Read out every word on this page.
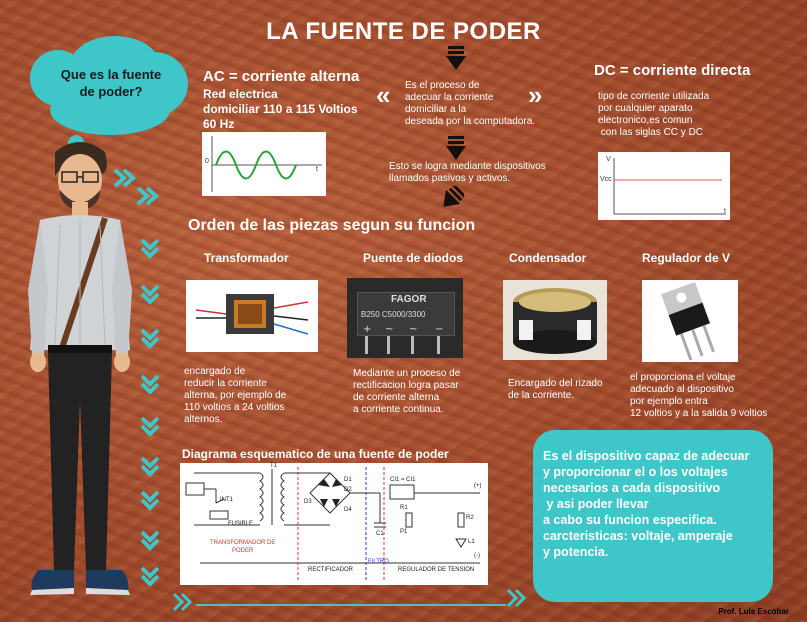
LA FUENTE DE PODER
Que es la fuente
de poder?
AC = corriente alterna
Red electrica
domiciliar 110 a 115 Voltios
60 Hz
0
t
«	»
Es el proceso de
adecuar la corriente
domiciliar a la
deseada por la computadora.
Esto se logra mediante dispositivos
llamados pasivos y activos.
DC = corriente directa
tipo de corriente utilizada
por cualquier aparato
electronico,es comun
con las siglas CC y DC
V
Vcc
t
Orden de las piezas segun su funcion
Transformador
encargado de
reducir la corriente
alterna, por ejemplo de
110 voltios a 24 voltios
alternos.
Puente de diodos
FAGOR
B250 C5000/3300
+ ~ ~ −
Mediante un proceso de
rectificacion logra pasar
de corriente alterna
a corriente continua.
Condensador
Encargado del rizado
de la corriente.
Regulador de V
el proporciona el voltaje
adecuado al dispositivo
por ejemplo entra
12 voltios y a la salida 9 voltios
Diagrama esquematico de una fuente de poder
T1
INT1
FUSIBLE
TRANSFORMADOR DE
PODER
RECTIFICADOR
FILTRO
REGULADOR DE TENSION
CI1 = CI1
D1
D2
D3
D4
C1
R1
R2
P1
L1
(+)
(-)
Es el dispositivo capaz de adecuar
y proporcionar el o los voltajes
necesarios a cada dispositivo
y asi poder llevar
a cabo su funcion especifica.
carcteristicas: voltaje, amperaje
y potencia.
Prof. Luis Escobar
